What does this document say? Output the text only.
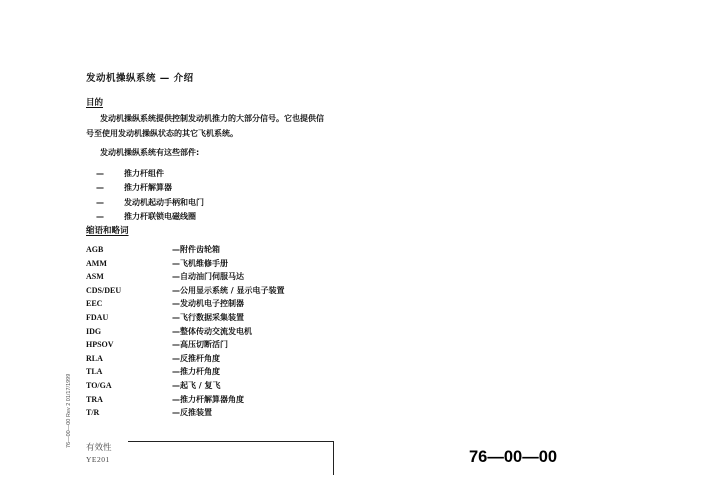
发动机操纵系统 — 介绍
目的
发动机操纵系统提供控制发动机推力的大部分信号。它也提供信
号至使用发动机操纵状态的其它飞机系统。
发动机操纵系统有这些部件:
—	推力杆组件
—	推力杆解算器
—	发动机起动手柄和电门
—	推力杆联锁电磁线圈
缩语和略词
AGB	—附件齿轮箱
AMM	—飞机维修手册
ASM	—自动油门伺服马达
CDS/DEU	—公用显示系统 / 显示电子装置
EEC	—发动机电子控制器
FDAU	—飞行数据采集装置
IDG	—整体传动交流发电机
HPSOV	—高压切断活门
RLA	—反推杆角度
TLA	—推力杆角度
TO/GA	—起飞 / 复飞
TRA	—推力杆解算器角度
T/R	—反推装置
76—00—00 Rev 2 01/17/1999 有效性
YE201	76—00—00
